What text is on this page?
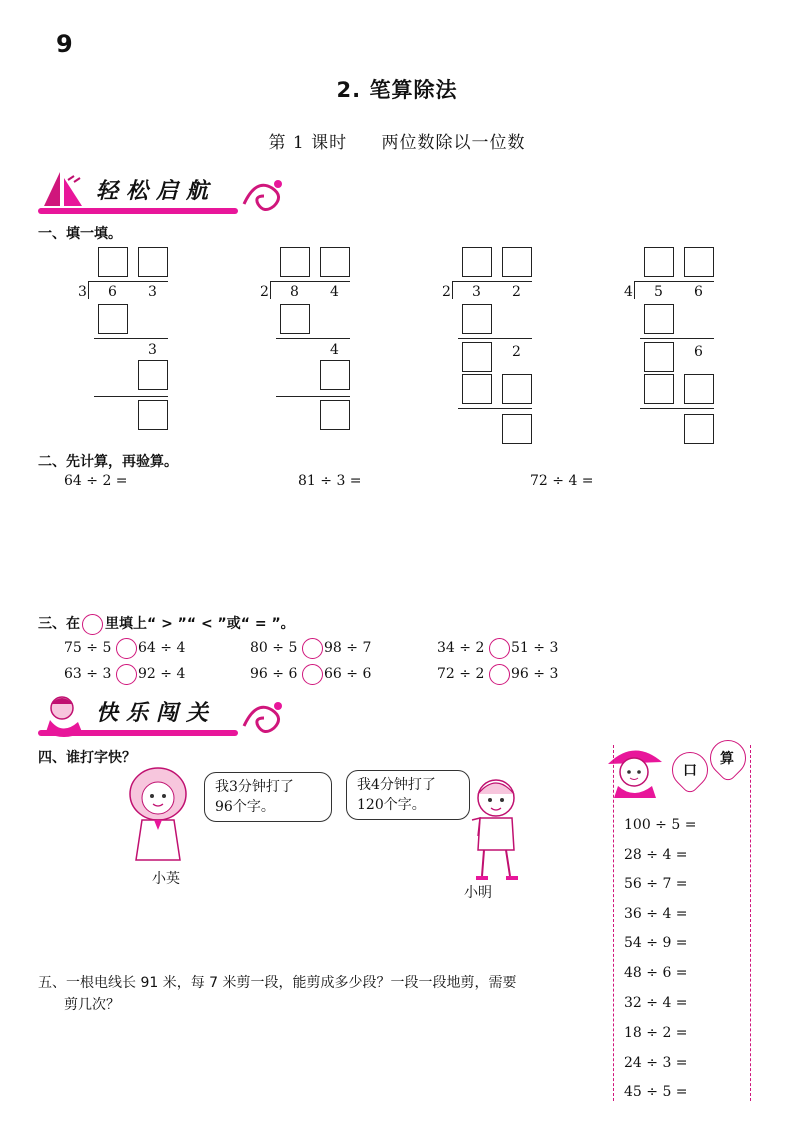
9
2. 笔算除法
第 1 课时 两位数除以一位数
轻松启航
一、填一填。
3 6 3
3
2 8 4
4
2 3 2
2
4 5 6
6
二、先计算，再验算。
64 ÷ 2 =	81 ÷ 3 =	72 ÷ 4 =
三、在 里填上“ > ”“ < ”或“ = ”。
75 ÷ 5 64 ÷ 4	80 ÷ 5 98 ÷ 7	34 ÷ 2 51 ÷ 3
63 ÷ 3 92 ÷ 4	96 ÷ 6 66 ÷ 6	72 ÷ 2 96 ÷ 3
快乐闯关
四、谁打字快？
小英
我3分钟打了
96个字。
我4分钟打了
120个字。
小明
五、一根电线长 91 米，每 7 米剪一段，能剪成多少段？一段一段地剪，需要
剪几次？
口
算
100 ÷ 5 =
28 ÷ 4 =
56 ÷ 7 =
36 ÷ 4 =
54 ÷ 9 =
48 ÷ 6 =
32 ÷ 4 =
18 ÷ 2 =
24 ÷ 3 =
45 ÷ 5 =
